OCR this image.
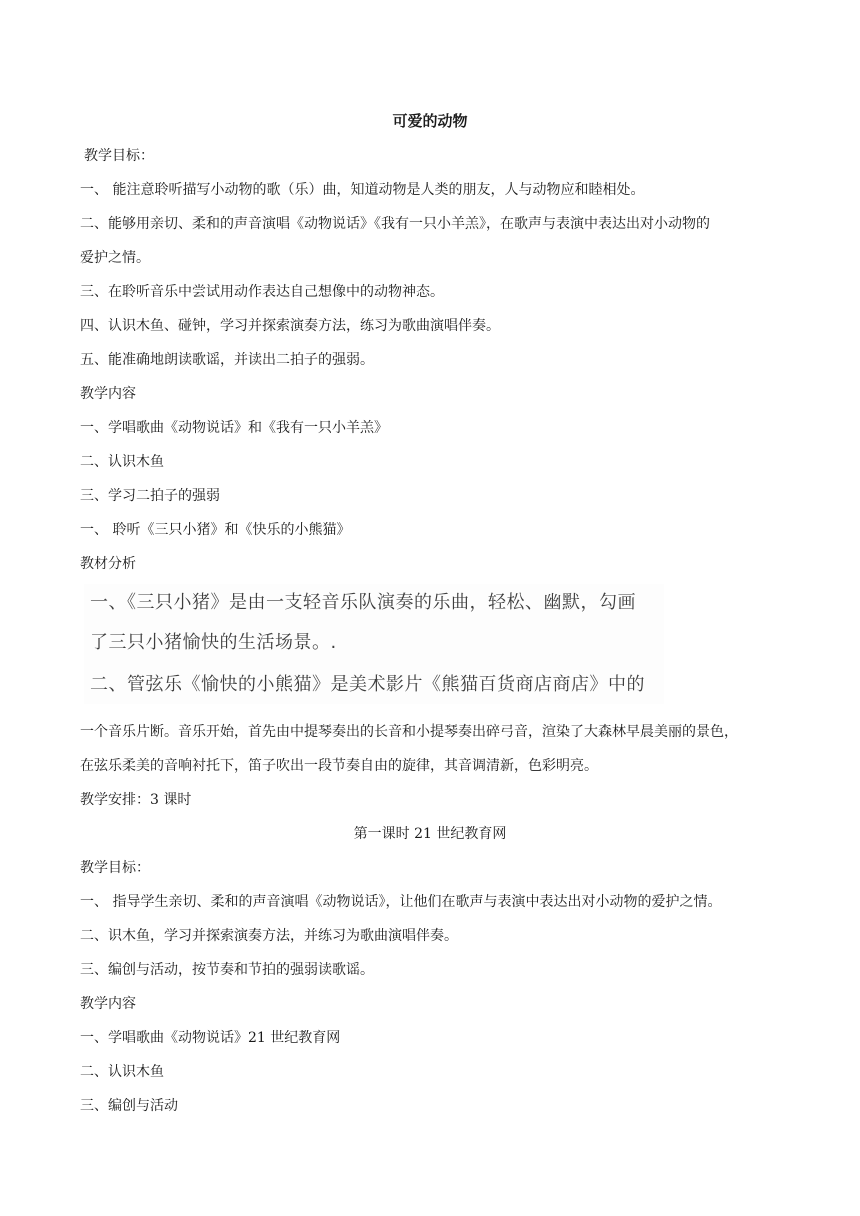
可爱的动物
教学目标：
一、 能注意聆听描写小动物的歌（乐）曲，知道动物是人类的朋友，人与动物应和睦相处。
二、能够用亲切、柔和的声音演唱《动物说话》《我有一只小羊羔》，在歌声与表演中表达出对小动物的
爱护之情。
三、在聆听音乐中尝试用动作表达自己想像中的动物神态。
四、认识木鱼、碰钟，学习并探索演奏方法，练习为歌曲演唱伴奏。
五、能准确地朗读歌谣，并读出二拍子的强弱。
教学内容
一、学唱歌曲《动物说话》和《我有一只小羊羔》
二、认识木鱼
三、学习二拍子的强弱
一、 聆听《三只小猪》和《快乐的小熊猫》
教材分析
一、《三只小猪》是由一支轻音乐队演奏的乐曲，轻松、幽默，勾画
了三只小猪愉快的生活场景。.
二、管弦乐《愉快的小熊猫》是美术影片《熊猫百货商店商店》中的
一个音乐片断。音乐开始，首先由中提琴奏出的长音和小提琴奏出碎弓音，渲染了大森林早晨美丽的景色，
在弦乐柔美的音响衬托下，笛子吹出一段节奏自由的旋律，其音调清新，色彩明亮。
教学安排：3 课时
第一课时 21 世纪教育网
教学目标：
一、 指导学生亲切、柔和的声音演唱《动物说话》，让他们在歌声与表演中表达出对小动物的爱护之情。
二、识木鱼，学习并探索演奏方法，并练习为歌曲演唱伴奏。
三、编创与活动，按节奏和节拍的强弱读歌谣。
教学内容
一、学唱歌曲《动物说话》21 世纪教育网
二、认识木鱼
三、编创与活动
